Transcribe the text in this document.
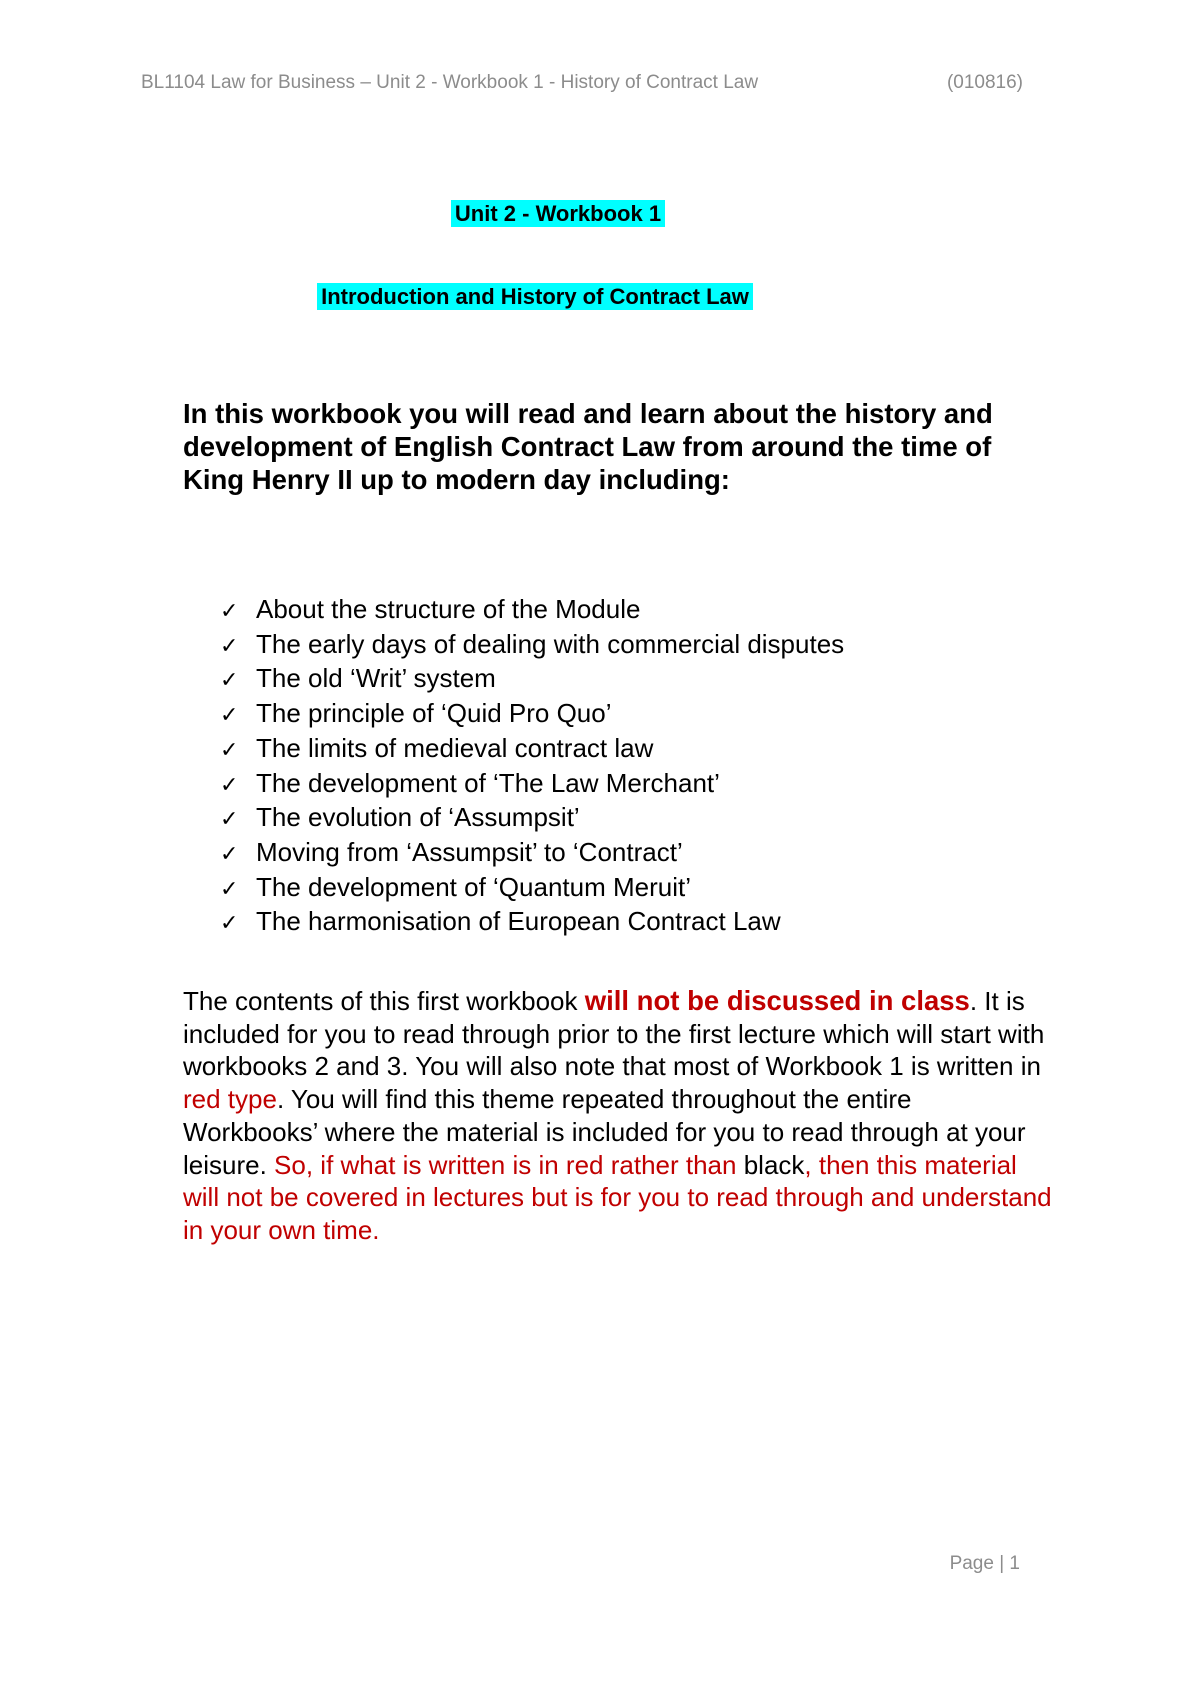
BL1104 Law for Business – Unit 2 - Workbook 1 - History of Contract Law	(010816)
Unit 2 - Workbook 1
Introduction and History of Contract Law
In this workbook you will read and learn about the history and development of English Contract Law from around the time of King Henry II up to modern day including:
✓ About the structure of the Module
✓ The early days of dealing with commercial disputes
✓ The old ‘Writ’ system
✓ The principle of ‘Quid Pro Quo’
✓ The limits of medieval contract law
✓ The development of ‘The Law Merchant’
✓ The evolution of ‘Assumpsit’
✓ Moving from ‘Assumpsit’ to ‘Contract’
✓ The development of ‘Quantum Meruit’
✓ The harmonisation of European Contract Law
The contents of this first workbook will not be discussed in class. It is included for you to read through prior to the first lecture which will start with workbooks 2 and 3. You will also note that most of Workbook 1 is written in red type. You will find this theme repeated throughout the entire Workbooks’ where the material is included for you to read through at your leisure. So, if what is written is in red rather than black, then this material will not be covered in lectures but is for you to read through and understand in your own time.
Page | 1
